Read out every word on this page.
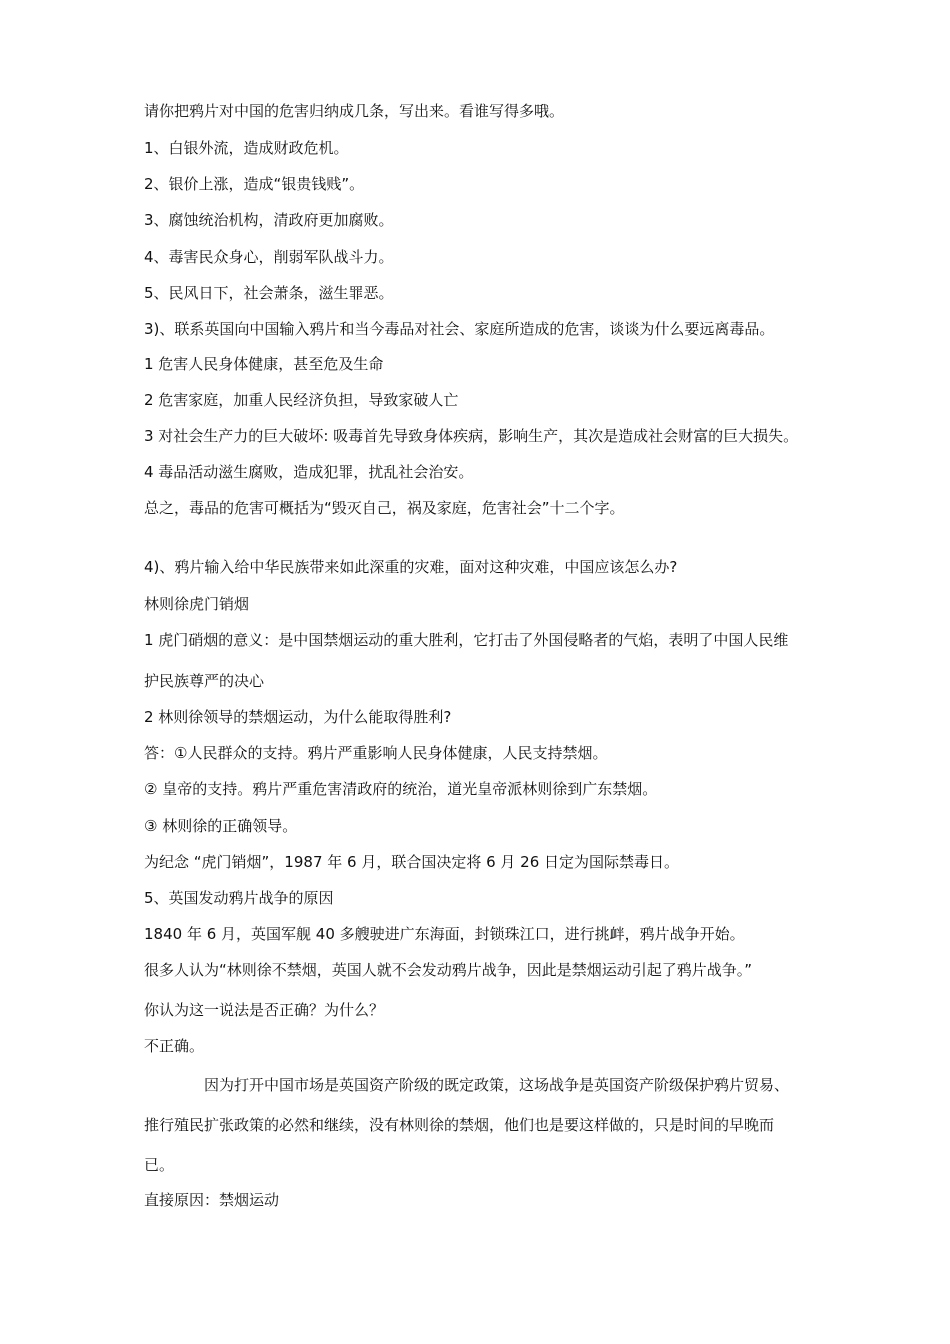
请你把鸦片对中国的危害归纳成几条，写出来。看谁写得多哦。
1、白银外流，造成财政危机。
2、银价上涨，造成“银贵钱贱”。
3、腐蚀统治机构，清政府更加腐败。
4、毒害民众身心，削弱军队战斗力。
5、民风日下，社会萧条，滋生罪恶。
3)、联系英国向中国输入鸦片和当今毒品对社会、家庭所造成的危害，谈谈为什么要远离毒品。
1 危害人民身体健康，甚至危及生命
2 危害家庭，加重人民经济负担，导致家破人亡
3 对社会生产力的巨大破坏: 吸毒首先导致身体疾病，影响生产，其次是造成社会财富的巨大损失。
4 毒品活动滋生腐败，造成犯罪，扰乱社会治安。
总之，毒品的危害可概括为“毁灭自己，祸及家庭，危害社会”十二个字。
4)、鸦片输入给中华民族带来如此深重的灾难，面对这种灾难，中国应该怎么办?
林则徐虎门销烟
1 虎门硝烟的意义：是中国禁烟运动的重大胜利，它打击了外国侵略者的气焰，表明了中国人民维
护民族尊严的决心
2 林则徐领导的禁烟运动，为什么能取得胜利?
答：①人民群众的支持。鸦片严重影响人民身体健康，人民支持禁烟。
② 皇帝的支持。鸦片严重危害清政府的统治，道光皇帝派林则徐到广东禁烟。
③ 林则徐的正确领导。
为纪念 “虎门销烟”，1987 年 6 月，联合国决定将 6 月 26 日定为国际禁毒日。
5、英国发动鸦片战争的原因
1840 年 6 月，英国军舰 40 多艘驶进广东海面，封锁珠江口，进行挑衅，鸦片战争开始。
很多人认为“林则徐不禁烟，英国人就不会发动鸦片战争，因此是禁烟运动引起了鸦片战争。”
你认为这一说法是否正确？为什么？
不正确。
因为打开中国市场是英国资产阶级的既定政策，这场战争是英国资产阶级保护鸦片贸易、
推行殖民扩张政策的必然和继续，没有林则徐的禁烟，他们也是要这样做的，只是时间的早晚而
已。
直接原因：禁烟运动
